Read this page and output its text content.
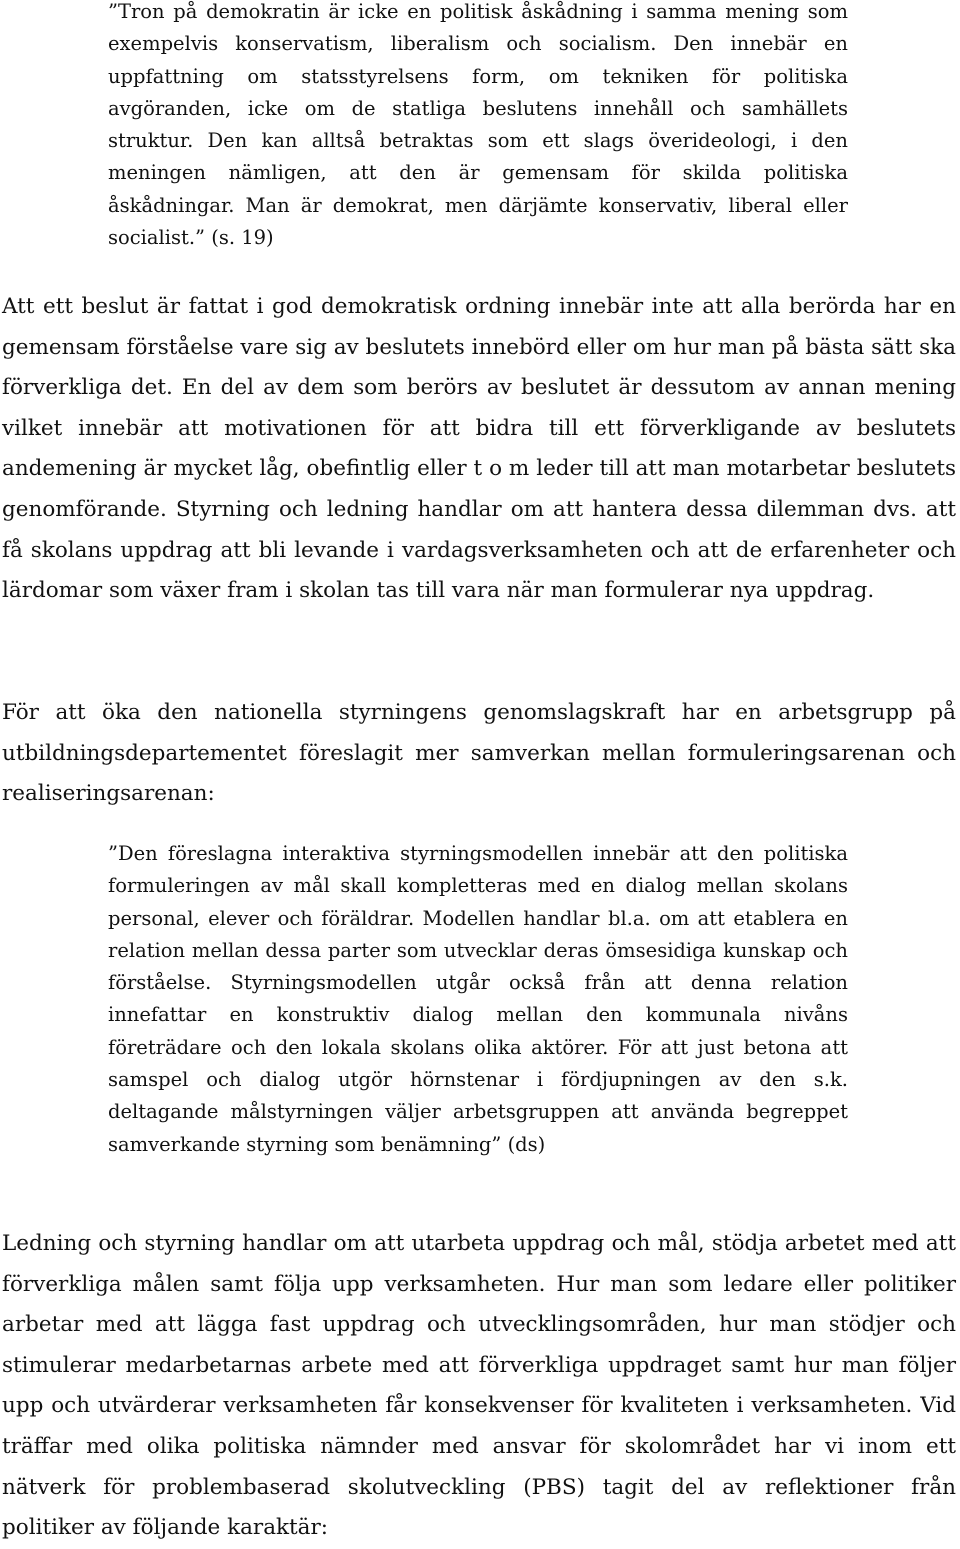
”Tron på demokratin är icke en politisk åskådning i samma mening som exempelvis konservatism, liberalism och socialism. Den innebär en uppfattning om statsstyrelsens form, om tekniken för politiska avgöranden, icke om de statliga beslutens innehåll och samhällets struktur. Den kan alltså betraktas som ett slags överideologi, i den meningen nämligen, att den är gemensam för skilda politiska åskådningar. Man är demokrat, men därjämte konservativ, liberal eller socialist.” (s. 19)

Att ett beslut är fattat i god demokratisk ordning innebär inte att alla berörda har en gemensam förståelse vare sig av beslutets innebörd eller om hur man på bästa sätt ska förverkliga det. En del av dem som berörs av beslutet är dessutom av annan mening vilket innebär att motivationen för att bidra till ett förverkligande av beslutets andemening är mycket låg, obefintlig eller t o m leder till att man motarbetar beslutets genomförande. Styrning och ledning handlar om att hantera dessa dilemman dvs. att få skolans uppdrag att bli levande i vardagsverksamheten och att de erfarenheter och lärdomar som växer fram i skolan tas till vara när man formulerar nya uppdrag.

För att öka den nationella styrningens genomslagskraft har en arbetsgrupp på utbildningsdepartementet föreslagit mer samverkan mellan formuleringsarenan och realiseringsarenan:

”Den föreslagna interaktiva styrningsmodellen innebär att den politiska formuleringen av mål skall kompletteras med en dialog mellan skolans personal, elever och föräldrar. Modellen handlar bl.a. om att etablera en relation mellan dessa parter som utvecklar deras ömsesidiga kunskap och förståelse. Styrningsmodellen utgår också från att denna relation innefattar en konstruktiv dialog mellan den kommunala nivåns företrädare och den lokala skolans olika aktörer. För att just betona att samspel och dialog utgör hörnstenar i fördjupningen av den s.k. deltagande målstyrningen väljer arbetsgruppen att använda begreppet samverkande styrning som benämning” (ds)

Ledning och styrning handlar om att utarbeta uppdrag och mål, stödja arbetet med att förverkliga målen samt följa upp verksamheten. Hur man som ledare eller politiker arbetar med att lägga fast uppdrag och utvecklingsområden, hur man stödjer och stimulerar medarbetarnas arbete med att förverkliga uppdraget samt hur man följer upp och utvärderar verksamheten får konsekvenser för kvaliteten i verksamheten. Vid träffar med olika politiska nämnder med ansvar för skolområdet har vi inom ett nätverk för problembaserad skolutveckling (PBS) tagit del av reflektioner från politiker av följande karaktär:
